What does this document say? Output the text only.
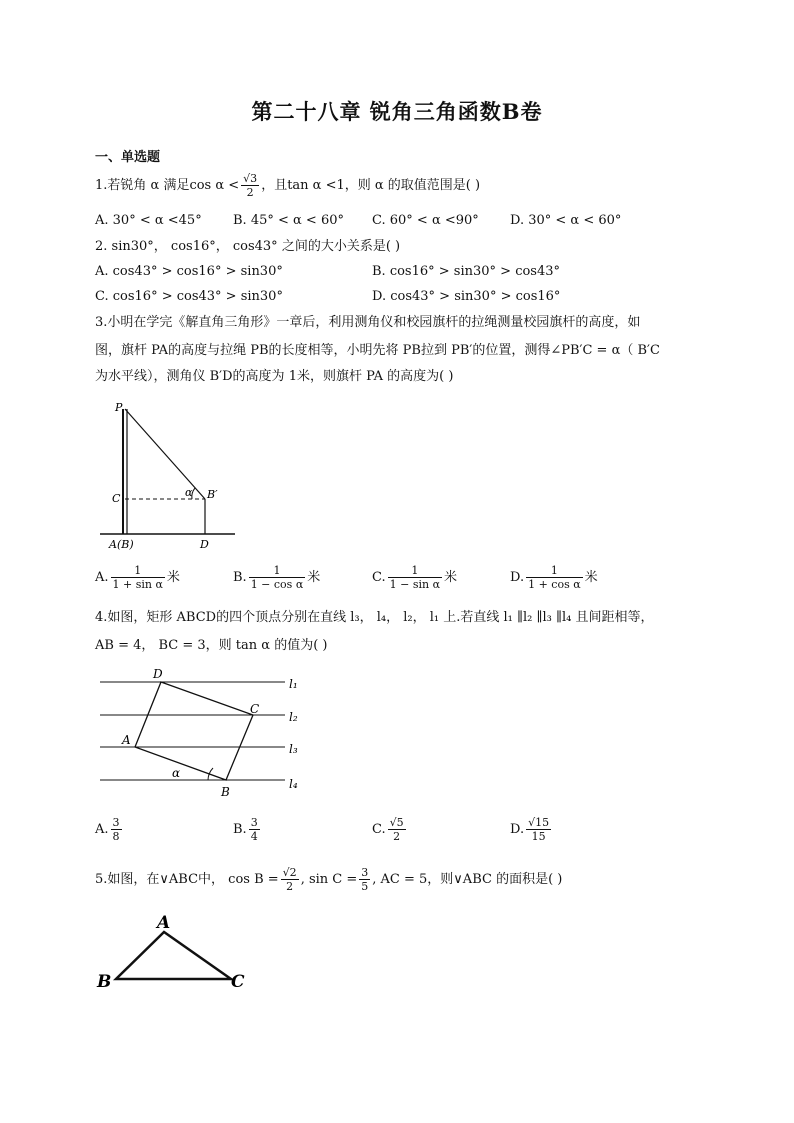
第二十八章 锐角三角函数B卷
一、单选题
1.若锐角 α 满足$\cos \alpha < \frac{√3}{2}$ ，且tan α <1，则 α 的取值范围是( )
A. 30° < α <45° B. 45° < α < 60° C. 60° < α <90° D. 30° < α < 60°
2. sin30°， cos16°， cos43° 之间的大小关系是( )
A. cos43° > cos16° > sin30°	B. cos16° > sin30° > cos43°
C. cos16° > cos43° > sin30°	D. cos43° > sin30° > cos16°
3.小明在学完《解直角三角形》一章后，利用测角仪和校园旗杆的拉绳测量校园旗杆的高度，如
图，旗杆 PA的高度与拉绳 PB的长度相等，小明先将 PB拉到 PB′的位置，测得∠PB′C = α（ B′C
为水平线），测角仪 B′D的高度为 1米，则旗杆 PA 的高度为( )
P
C	α B′
A(B)	D
A. $\frac{1}{\text{1 + sin α}}$ 米	B. $\frac{1}{\text{1 − cos α}}$ 米	C. $\frac{1}{\text{1 − sin α}}$ 米	D. $\frac{1}{\text{1 + cos α}}$ 米
4.如图，矩形 ABCD的四个顶点分别在直线 l₃， l₄， l₂， l₁ 上.若直线 l₁ ∥l₂ ∥l₃ ∥l₄ 且间距相等，
AB = 4， BC = 3，则 tan α 的值为( )
D
C
A
B
α
l₁
l₂
l₃
l₄
A. $\frac{3}{8}$	B. $\frac{3}{4}$	C. $\frac{√5}{2}$	D. $\frac{√15}{15}$
5.如图，在∨ABC中， $\cos B = \frac{√2}{2}$ , $\sin C = \frac{3}{5}$ , AC = 5，则∨ABC 的面积是( )
A
B	C
